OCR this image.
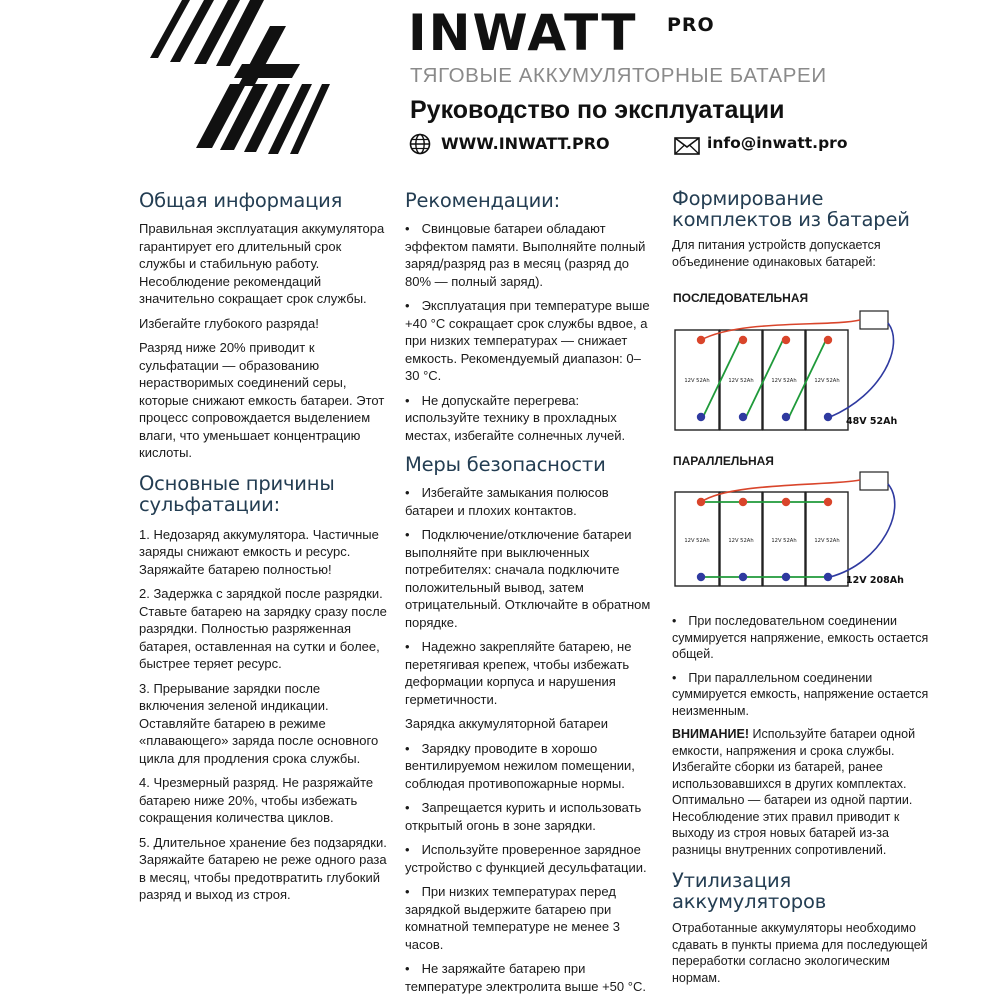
INWATT PRO
ТЯГОВЫЕ АККУМУЛЯТОРНЫЕ БАТАРЕИ
Руководство по эксплуатации
WWW.INWATT.PRO	info@inwatt.pro
Общая информация

Правильная эксплуатация аккумулятора гарантирует его длительный срок службы и стабильную работу. Несоблюдение рекомендаций значительно сокращает срок службы.

Избегайте глубокого разряда!

Разряд ниже 20% приводит к сульфатации — образованию нерастворимых соединений серы, которые снижают емкость батареи. Этот процесс сопровождается выделением влаги, что уменьшает концентрацию кислоты.

Основные причины сульфатации:

1. Недозаряд аккумулятора. Частичные заряды снижают емкость и ресурс. Заряжайте батарею полностью!

2. Задержка с зарядкой после разрядки. Ставьте батарею на зарядку сразу после разрядки. Полностью разряженная батарея, оставленная на сутки и более, быстрее теряет ресурс.

3. Прерывание зарядки после включения зеленой индикации. Оставляйте батарею в режиме «плавающего» заряда после основного цикла для продления срока службы.

4. Чрезмерный разряд. Не разряжайте батарею ниже 20%, чтобы избежать сокращения количества циклов.

5. Длительное хранение без подзарядки. Заряжайте батарею не реже одного раза в месяц, чтобы предотвратить глубокий разряд и выход из строя.

Рекомендации:

• Свинцовые батареи обладают эффектом памяти. Выполняйте полный заряд/разряд раз в месяц (разряд до 80% — полный заряд).

• Эксплуатация при температуре выше +40 °C сокращает срок службы вдвое, а при низких температурах — снижает емкость. Рекомендуемый диапазон: 0–30 °C.

• Не допускайте перегрева: используйте технику в прохладных местах, избегайте солнечных лучей.

Меры безопасности

• Избегайте замыкания полюсов батареи и плохих контактов.

• Подключение/отключение батареи выполняйте при выключенных потребителях: сначала подключите положительный вывод, затем отрицательный. Отключайте в обратном порядке.

• Надежно закрепляйте батарею, не перетягивая крепеж, чтобы избежать деформации корпуса и нарушения герметичности.

Зарядка аккумуляторной батареи

• Зарядку проводите в хорошо вентилируемом нежилом помещении, соблюдая противопожарные нормы.

• Запрещается курить и использовать открытый огонь в зоне зарядки.

• Используйте проверенное зарядное устройство с функцией десульфатации.

• При низких температурах перед зарядкой выдержите батарею при комнатной температуре не менее 3 часов.

• Не заряжайте батарею при температуре электролита выше +50 °C.

Формирование комплектов из батарей

Для питания устройств допускается объединение одинаковых батарей:

ПОСЛЕДОВАТЕЛЬНАЯ
ПАРАЛЛЕЛЬНАЯ
12V 52Ah	12V 52Ah	12V 52Ah	12V 52Ah
48V 52Ah
12V 52Ah	12V 52Ah	12V 52Ah	12V 52Ah
12V 208Ah

• При последовательном соединении суммируется напряжение, емкость остается общей.

• При параллельном соединении суммируется емкость, напряжение остается неизменным.

ВНИМАНИЕ! Используйте батареи одной емкости, напряжения и срока службы. Избегайте сборки из батарей, ранее использовавшихся в других комплектах. Оптимально — батареи из одной партии. Несоблюдение этих правил приводит к выходу из строя новых батарей из-за разницы внутренних сопротивлений.

Утилизация аккумуляторов

Отработанные аккумуляторы необходимо сдавать в пункты приема для последующей переработки согласно экологическим нормам.
